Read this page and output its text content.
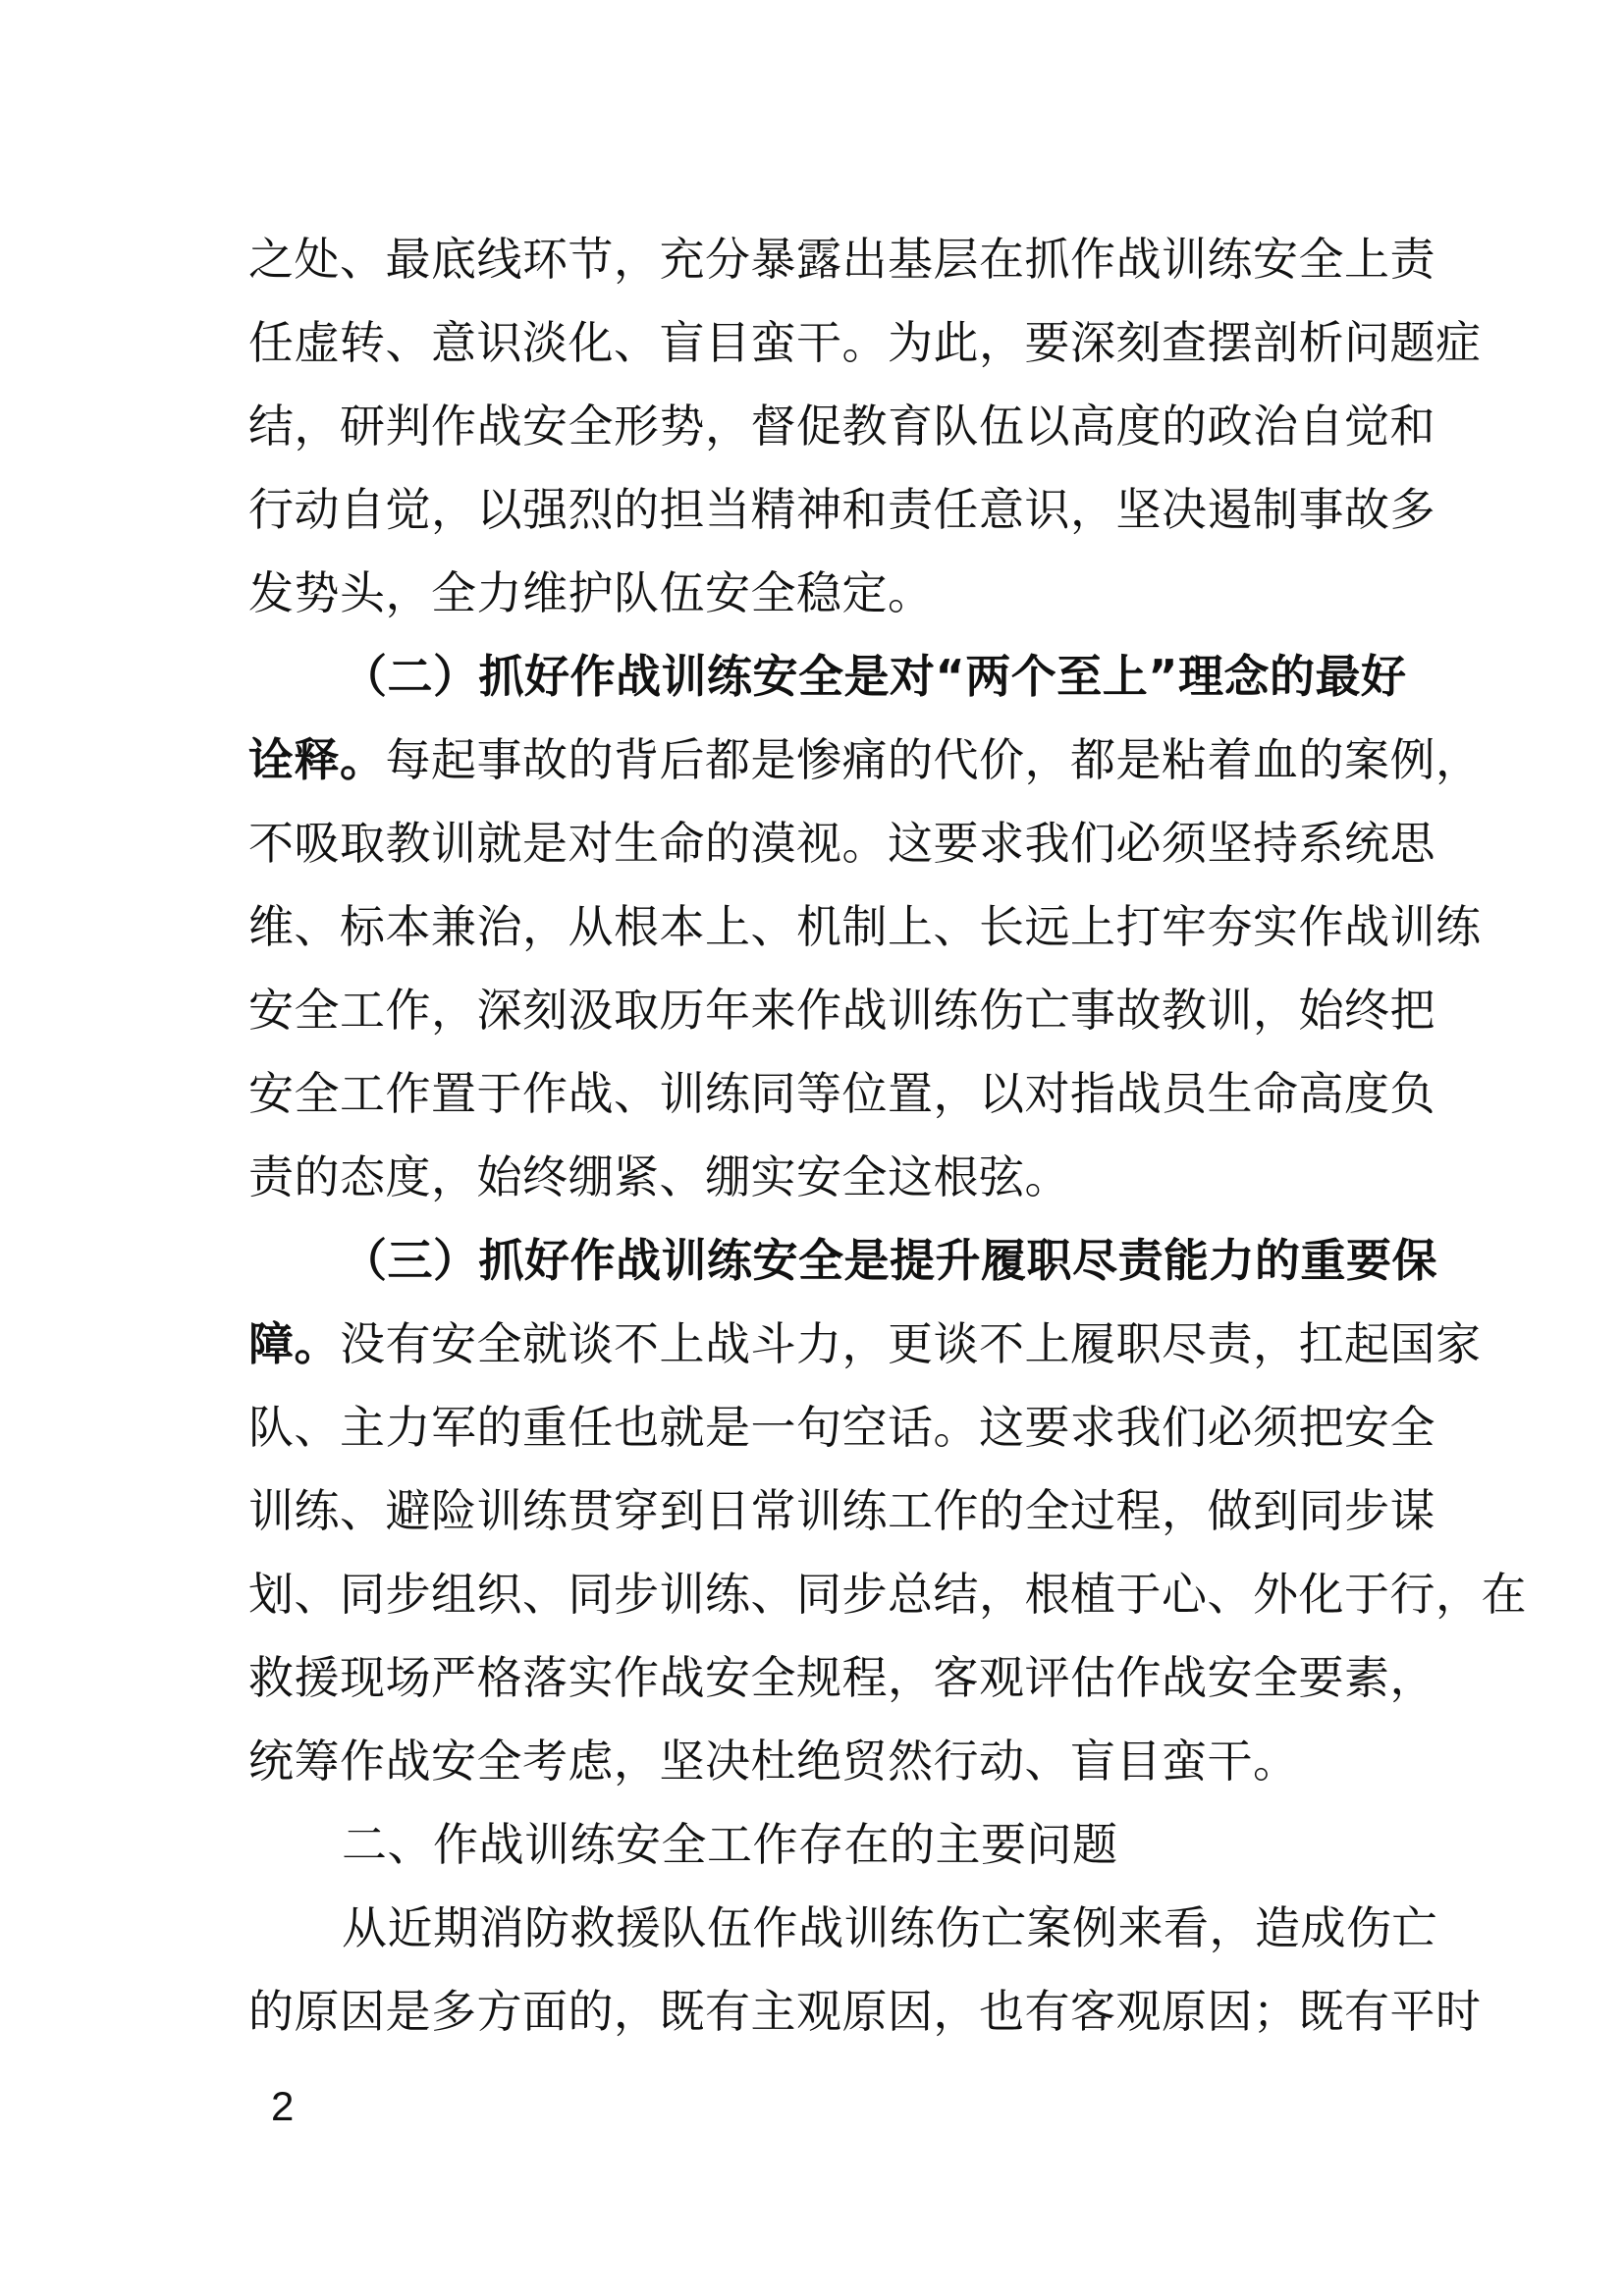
之处、最底线环节，充分暴露出基层在抓作战训练安全上责
任虚转、意识淡化、盲目蛮干。为此，要深刻查摆剖析问题症
结，研判作战安全形势，督促教育队伍以高度的政治自觉和
行动自觉，以强烈的担当精神和责任意识，坚决遏制事故多
发势头，全力维护队伍安全稳定。
（二）抓好作战训练安全是对“两个至上”理念的最好
诠释。每起事故的背后都是惨痛的代价，都是粘着血的案例，
不吸取教训就是对生命的漠视。这要求我们必须坚持系统思
维、标本兼治，从根本上、机制上、长远上打牢夯实作战训练
安全工作，深刻汲取历年来作战训练伤亡事故教训，始终把
安全工作置于作战、训练同等位置，以对指战员生命高度负
责的态度，始终绷紧、绷实安全这根弦。
（三）抓好作战训练安全是提升履职尽责能力的重要保
障。没有安全就谈不上战斗力，更谈不上履职尽责，扛起国家
队、主力军的重任也就是一句空话。这要求我们必须把安全
训练、避险训练贯穿到日常训练工作的全过程，做到同步谋
划、同步组织、同步训练、同步总结，根植于心、外化于行，在
救援现场严格落实作战安全规程，客观评估作战安全要素，
统筹作战安全考虑，坚决杜绝贸然行动、盲目蛮干。
二、作战训练安全工作存在的主要问题
从近期消防救援队伍作战训练伤亡案例来看，造成伤亡
的原因是多方面的，既有主观原因，也有客观原因；既有平时
2
